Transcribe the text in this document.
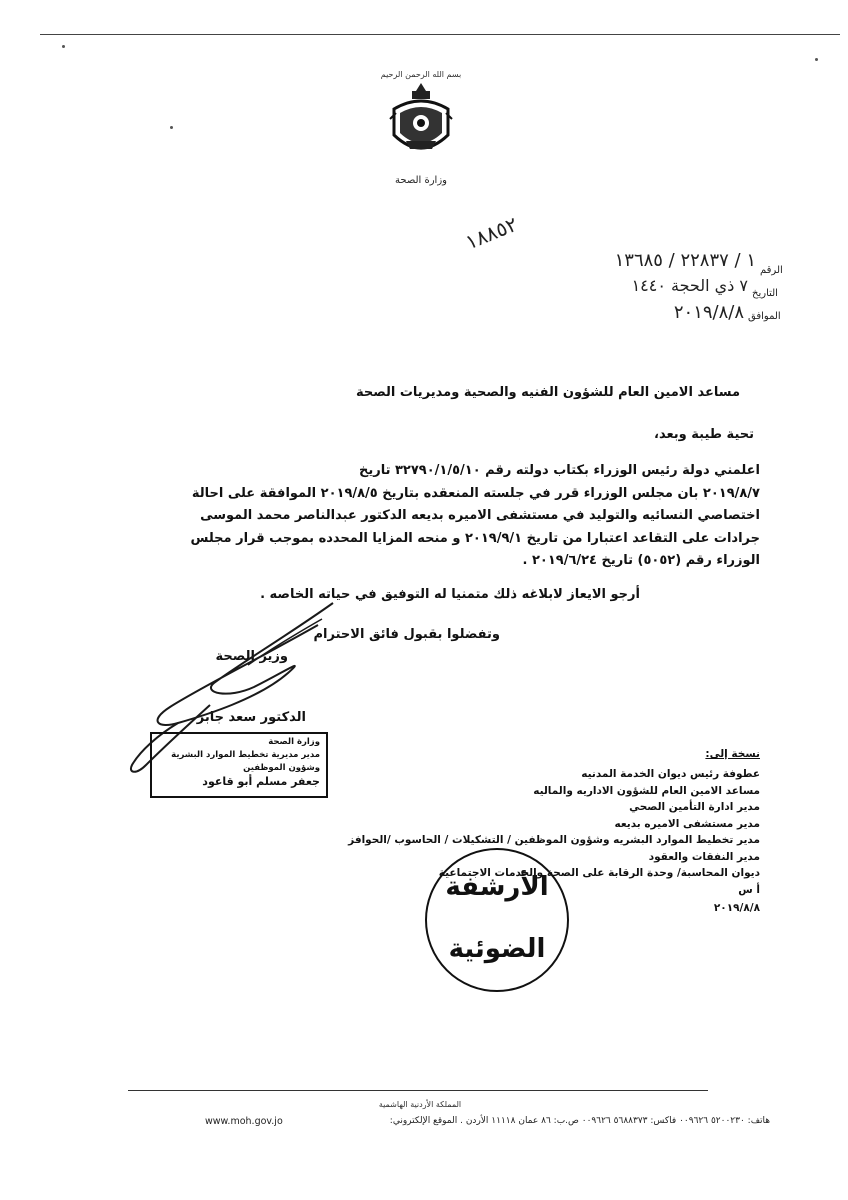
بسم الله الرحمن الرحيم
وزارة الصحة
١٨٨٥٢
الرقم
١ / ٢٢٨٣٧ / ١٣٦٨٥
التاريخ
٧ ذي الحجة ١٤٤٠
الموافق
٢٠١٩/٨/٨
مساعد الامين العام للشؤون الفنيه والصحية ومديريات الصحة
تحية طيبة وبعد،
اعلمني دولة رئيس الوزراء بكتاب دولته رقم ٣٢٧٩٠/١/٥/١٠ تاريخ
٢٠١٩/٨/٧ بان مجلس الوزراء قرر في جلسته المنعقده بتاريخ ٢٠١٩/٨/٥ الموافقة على احالة
اختصاصي النسائيه والتوليد في مستشفى الاميره بديعه الدكتور عبدالناصر محمد الموسى
جرادات على التقاعد اعتبارا من تاريخ ٢٠١٩/٩/١ و منحه المزايا المحدده بموجب قرار مجلس
الوزراء رقم (٥٠٥٢) تاريخ ٢٠١٩/٦/٢٤ .
أرجو الايعاز لابلاغه ذلك متمنيا له التوفيق في حياته الخاصه .
وتفضلوا بقبول فائق الاحترام
وزير الصحة
الدكتور سعد جابر
وزارة الصحة
مدير مديرية تخطيط الموارد البشرية
وشؤون الموظفين
جعفر مسلم أبو قاعود
نسخة إلى:
عطوفة رئيس ديوان الخدمة المدنيه
مساعد الامين العام للشؤون الاداريه والماليه
مدير ادارة التأمين الصحي
مدير مستشفى الاميره بديعه
مدير تخطيط الموارد البشريه وشؤون الموظفين / التشكيلات / الحاسوب /الحوافز
مدير النفقات والعقود
ديوان المحاسبة/ وحدة الرقابة على الصحة والخدمات الاجتماعية
أ س
٢٠١٩/٨/٨
الأرشفة
الضوئية
المملكة الأردنية الهاشمية
هاتف: ٥٢٠٠٢٣٠ ٠٠٩٦٢٦ فاكس: ٥٦٨٨٣٧٣ ٠٠٩٦٢٦ ص.ب: ٨٦ عمان ١١١١٨ الأردن . الموقع الإلكتروني:
www.moh.gov.jo
